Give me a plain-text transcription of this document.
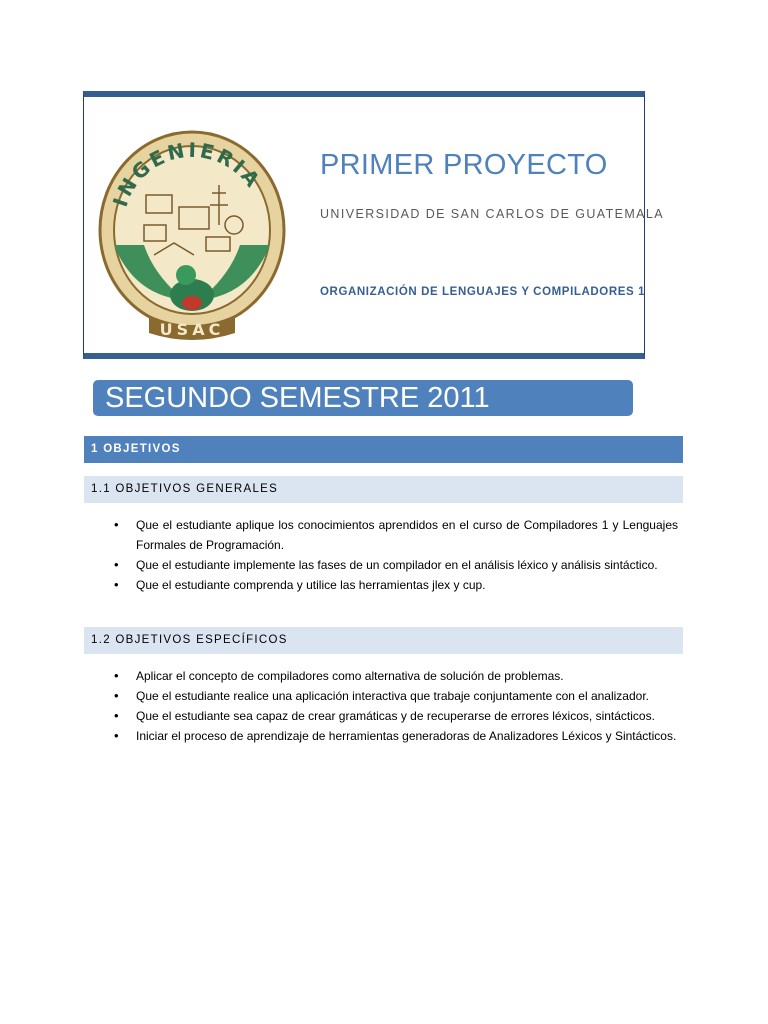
INGENIERIA
USAC
PRIMER PROYECTO
UNIVERSIDAD DE SAN CARLOS DE GUATEMALA
ORGANIZACIÓN DE LENGUAJES Y COMPILADORES 1
SEGUNDO SEMESTRE 2011
1 OBJETIVOS
1.1 OBJETIVOS GENERALES
• Que el estudiante aplique los conocimientos aprendidos en el curso de Compiladores 1 y Lenguajes Formales de Programación.
• Que el estudiante implemente las fases de un compilador en el análisis léxico y análisis sintáctico.
• Que el estudiante comprenda y utilice las herramientas jlex y cup.
1.2 OBJETIVOS ESPECÍFICOS
• Aplicar el concepto de compiladores como alternativa de solución de problemas.
• Que el estudiante realice una aplicación interactiva que trabaje conjuntamente con el analizador.
• Que el estudiante sea capaz de crear gramáticas y de recuperarse de errores léxicos, sintácticos.
• Iniciar el proceso de aprendizaje de herramientas generadoras de Analizadores Léxicos y Sintácticos.
